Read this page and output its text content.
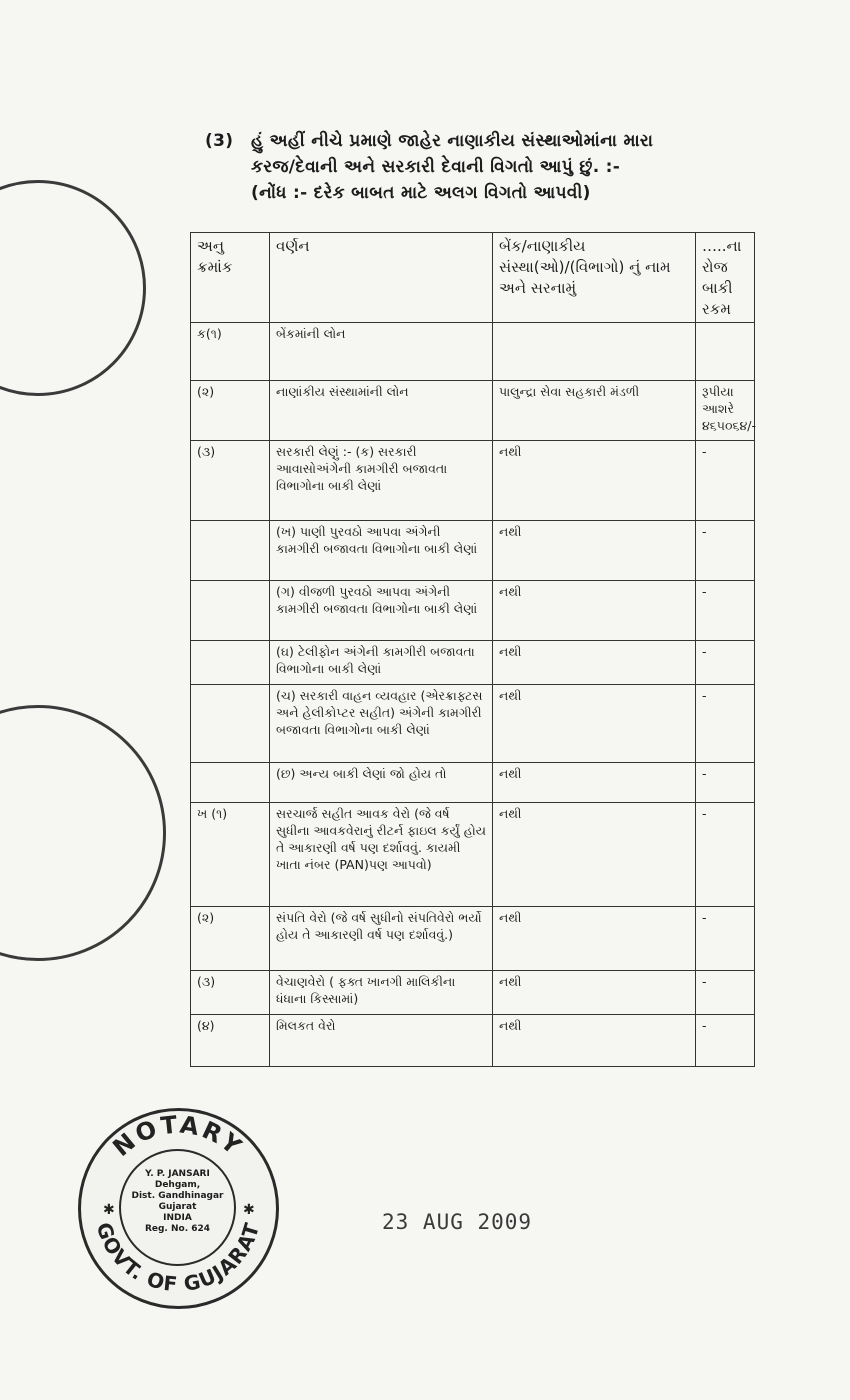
(3) હું અહીં નીચે પ્રમાણે જાહેર નાણાકીય સંસ્થાઓમાંના મારા
કરજ/દેવાની અને સરકારી દેવાની વિગતો આપું છું. :-
(નોંધ :- દરેક બાબત માટે અલગ વિગતો આપવી)
અનુ ક્રમાંક	વર્ણન	બેંક/નાણાકીય સંસ્થા(ઓ)/(વિભાગો) નું નામ અને સરનામું	…..ના રોજ બાકી રકમ
ક(૧)	બેંકમાંની લોન		
(૨)	નાણાંકીય સંસ્થામાંની લોન	પાલુન્દ્રા સેવા સહકારી મંડળી	રૂપીયા આશરે ૪૬૫૦૬૪/-
(૩)	સરકારી લેણું :- (ક) સરકારી આવાસોઅંગેની કામગીરી બજાવતા વિભાગોના બાકી લેણાં	નથી	-
	(ખ) પાણી પુરવઠો આપવા અંગેની કામગીરી બજાવતા વિભાગોના બાકી લેણાં	નથી	-
	(ગ) વીજળી પુરવઠો આપવા અંગેની કામગીરી બજાવતા વિભાગોના બાકી લેણાં	નથી	-
	(ઘ) ટેલીફોન અંગેની કામગીરી બજાવતા વિભાગોના બાકી લેણાં	નથી	-
	(ચ) સરકારી વાહન વ્યવહાર (એરક્રાફ્ટસ અને હેલીકોપ્ટર સહીત) અંગેની કામગીરી બજાવતા વિભાગોના બાકી લેણાં	નથી	-
	(છ) અન્ય બાકી લેણાં જો હોય તો	નથી	-
ખ (૧)	સરચાર્જ સહીત આવક વેરો (જે વર્ષ સુધીના આવકવેરાનું રીટર્ન ફાઇલ કર્યું હોય તે આકારણી વર્ષ પણ દર્શાવવું. કાયમી ખાતા નંબર (PAN)પણ આપવો)	નથી	-
(૨)	સંપતિ વેરો (જે વર્ષ સુધીનો સંપતિવેરો ભર્યો હોય તે આકારણી વર્ષ પણ દર્શાવવું.)	નથી	-
(૩)	વેચાણવેરો ( ફક્ત ખાનગી માલિકીના ધંધાના કિસ્સામાં)	નથી	-
(૪)	મિલકત વેરો	નથી	-
NOTARY
GOVT. OF GUJARAT
✱	✱
Y. P. JANSARI
Dehgam,
Dist. Gandhinagar
Gujarat
INDIA
Reg. No. 624	23 AUG 2009
